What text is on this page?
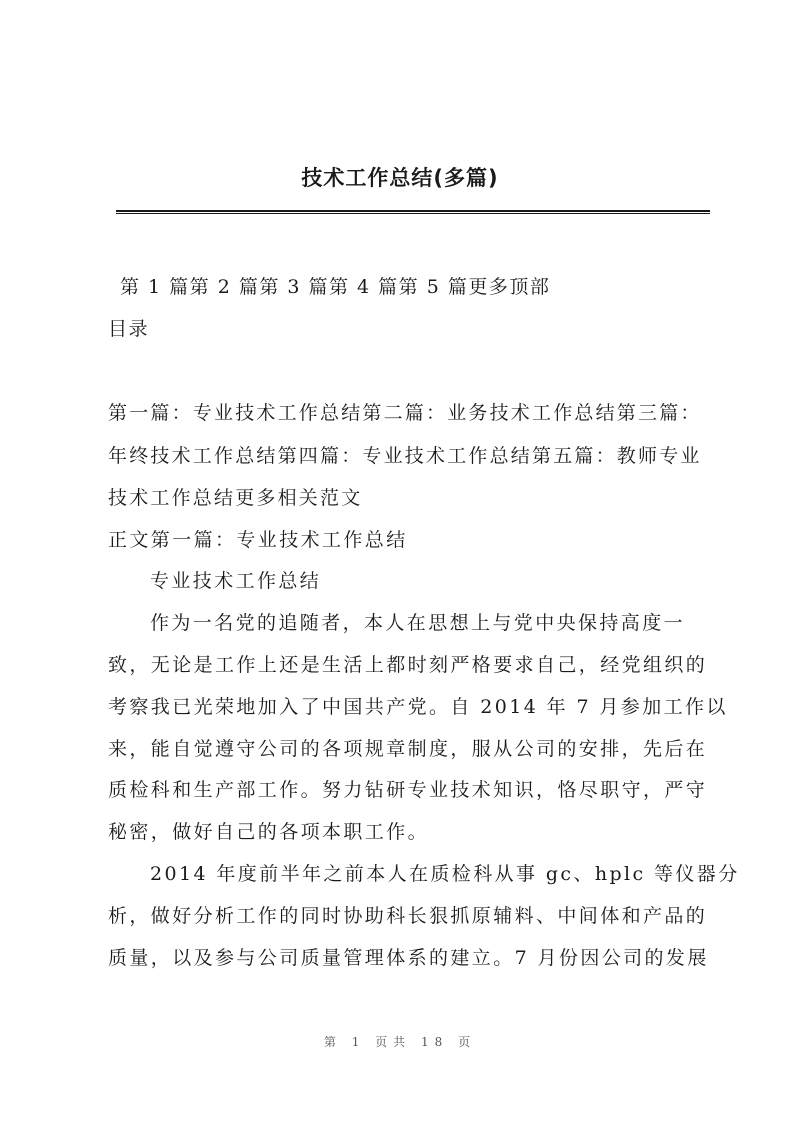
技术工作总结(多篇)

第 1 篇第 2 篇第 3 篇第 4 篇第 5 篇更多顶部

目录

第一篇：专业技术工作总结第二篇：业务技术工作总结第三篇：

年终技术工作总结第四篇：专业技术工作总结第五篇：教师专业

技术工作总结更多相关范文

正文第一篇：专业技术工作总结

专业技术工作总结

作为一名党的追随者，本人在思想上与党中央保持高度一

致，无论是工作上还是生活上都时刻严格要求自己，经党组织的

考察我已光荣地加入了中国共产党。自 2014 年 7 月参加工作以

来，能自觉遵守公司的各项规章制度，服从公司的安排，先后在

质检科和生产部工作。努力钻研专业技术知识，恪尽职守，严守

秘密，做好自己的各项本职工作。

2014 年度前半年之前本人在质检科从事 gc、hplc 等仪器分

析，做好分析工作的同时协助科长狠抓原辅料、中间体和产品的

质量，以及参与公司质量管理体系的建立。7 月份因公司的发展

第 1 页共 18 页
